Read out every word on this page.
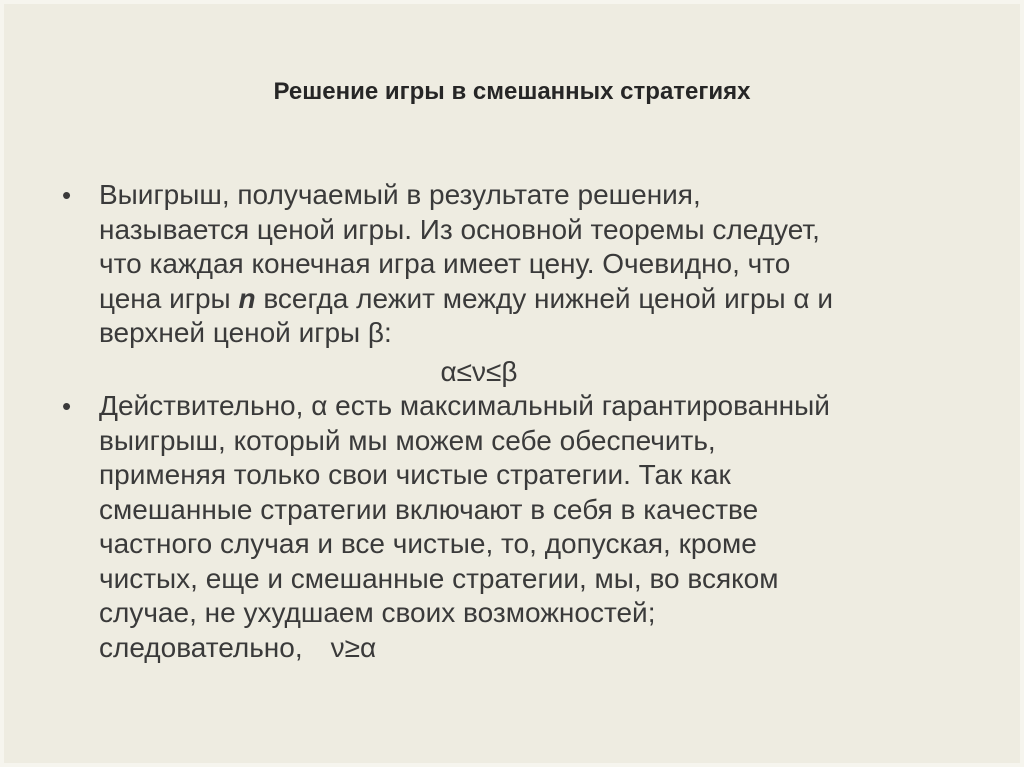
Решение игры в смешанных стратегиях
• Выигрыш, получаемый в результате решения,
называется ценой игры. Из основной теоремы следует,
что каждая конечная игра имеет цену. Очевидно, что
цена игры n всегда лежит между нижней ценой игры α и
верхней ценой игры β:
α≤ν≤β
• Действительно, α есть максимальный гарантированный
выигрыш, который мы можем себе обеспечить,
применяя только свои чистые стратегии. Так как
смешанные стратегии включают в себя в качестве
частного случая и все чистые, то, допуская, кроме
чистых, еще и смешанные стратегии, мы, во всяком
случае, не ухудшаем своих возможностей;
следовательно, ν≥α
